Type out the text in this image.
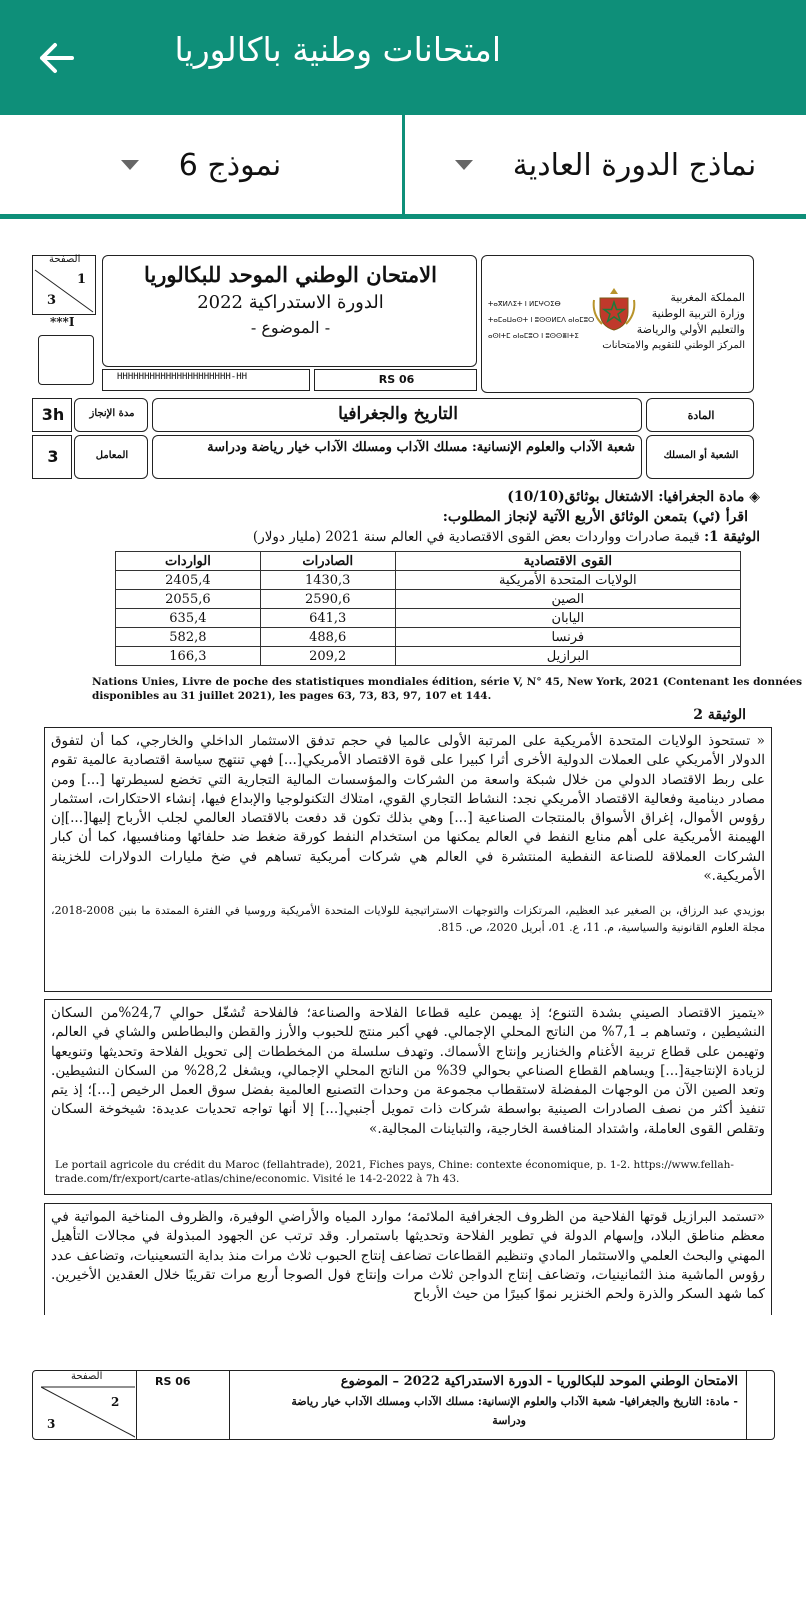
امتحانات وطنية باكالوريا
نموذج 6	نماذج الدورة العادية
الصفحة
1
3
***I
الامتحان الوطني الموحد للبكالوريا
الدورة الاستدراكية 2022
- الموضوع -
HHHHHHHHHHHHHHHHHHHHH-HH	RS 06
ⵜⴰⴳⵍⴷⵉⵜ ⵏ ⵍⵎⵖⵔⵉⴱ
ⵜⴰⵎⴰⵡⴰⵙⵜ ⵏ ⵓⵙⵙⵍⵎⴷ ⴰⵏⴰⵎⵓⵔ
ⴰⵙⵏⵜⵎ ⴰⵏⴰⵎⵓⵔ ⵏ ⵓⵙⵙⴻⵏⵜⵉ
المملكة المغربية
وزارة التربية الوطنية
والتعليم الأولي والرياضة
المركز الوطني للتقويم والامتحانات
3h	مدة الإنجاز	التاريخ والجغرافيا	المادة
3	المعامل
شعبة الآداب والعلوم الإنسانية: مسلك الآداب ومسلك الآداب خيار رياضة ودراسة
الشعبة أو المسلك
◈ مادة الجغرافيا: الاشتغال بوثائق(10/10)
اقرأ (ئي) بتمعن الوثائق الأربع الآتية لإنجاز المطلوب:
الوثيقة 1: قيمة صادرات وواردات بعض القوى الاقتصادية في العالم سنة 2021 (مليار دولار)
الواردات	الصادرات	القوى الاقتصادية
2405,4	1430,3	الولايات المتحدة الأمريكية
2055,6	2590,6	الصين
635,4	641,3	اليابان
582,8	488,6	فرنسا
166,3	209,2	البرازيل
Nations Unies, Livre de poche des statistiques mondiales édition, série V, N° 45, New York, 2021 (Contenant les données
disponibles au 31 juillet 2021), les pages 63, 73, 83, 97, 107 et 144.
الوثيقة 2
« تستحوذ الولايات المتحدة الأمريكية على المرتبة الأولى عالميا في حجم تدفق الاستثمار الداخلي والخارجي، كما أن لتفوق الدولار الأمريكي على العملات الدولية الأخرى أثرا كبيرا على قوة الاقتصاد الأمريكي[...] فهي تنتهج سياسة اقتصادية عالمية تقوم على ربط الاقتصاد الدولي من خلال شبكة واسعة من الشركات والمؤسسات المالية التجارية التي تخضع لسيطرتها [...] ومن مصادر دينامية وفعالية الاقتصاد الأمريكي نجد: النشاط التجاري القوي، امتلاك التكنولوجيا والإبداع فيها، إنشاء الاحتكارات، استثمار رؤوس الأموال، إغراق الأسواق بالمنتجات الصناعية [...] وهي بذلك تكون قد دفعت بالاقتصاد العالمي لجلب الأرباح إليها[...]إن الهيمنة الأمريكية على أهم منابع النفط في العالم يمكنها من استخدام النفط كورقة ضغط ضد حلفائها ومنافسيها، كما أن كبار الشركات العملاقة للصناعة النفطية المنتشرة في العالم هي شركات أمريكية تساهم في ضخ مليارات الدولارات للخزينة الأمريكية.»
بوزيدي عبد الرزاق، بن الصغير عبد العظيم، المرتكزات والتوجهات الاستراتيجية للولايات المتحدة الأمريكية وروسيا في الفترة الممتدة ما بنين 2008-2018، مجلة العلوم القانونية والسياسية، م. 11، ع. 01، أبريل 2020، ص. 815.
«يتميز الاقتصاد الصيني بشدة التنوع؛ إذ يهيمن عليه قطاعا الفلاحة والصناعة؛ فالفلاحة تُشغّل حوالي 24,7%من السكان النشيطين ، وتساهم بـ 7,1% من الناتج المحلي الإجمالي. فهي أكبر منتج للحبوب والأرز والقطن والبطاطس والشاي في العالم، وتهيمن على قطاع تربية الأغنام والخنازير وإنتاج الأسماك. وتهدف سلسلة من المخططات إلى تحويل الفلاحة وتحديثها وتنويعها لزيادة الإنتاجية[...] ويساهم القطاع الصناعي بحوالي 39% من الناتج المحلي الإجمالي، ويشغل 28,2% من السكان النشيطين. وتعد الصين الآن من الوجهات المفضلة لاستقطاب مجموعة من وحدات التصنيع العالمية بفضل سوق العمل الرخيص [...]؛ إذ يتم تنفيذ أكثر من نصف الصادرات الصينية بواسطة شركات ذات تمويل أجنبي[...] إلا أنها تواجه تحديات عديدة: شيخوخة السكان وتقلص القوى العاملة، واشتداد المنافسة الخارجية، والتباينات المجالية.»
Le portail agricole du crédit du Maroc (fellahtrade), 2021, Fiches pays, Chine: contexte économique, p. 1-2. https://www.fellah-
trade.com/fr/export/carte-atlas/chine/economic. Visité le 14-2-2022 à 7h 43.
«تستمد البرازيل قوتها الفلاحية من الظروف الجغرافية الملائمة؛ موارد المياه والأراضي الوفيرة، والظروف المناخية المواتية في معظم مناطق البلاد، وإسهام الدولة في تطوير الفلاحة وتحديثها باستمرار. وقد ترتب عن الجهود المبذولة في مجالات التأهيل المهني والبحث العلمي والاستثمار المادي وتنظيم القطاعات تضاعف إنتاج الحبوب ثلاث مرات منذ بداية التسعينيات، وتضاعف عدد رؤوس الماشية منذ الثمانينيات، وتضاعف إنتاج الدواجن ثلاث مرات وإنتاج فول الصوجا أربع مرات تقريبًا خلال العقدين الأخيرين. كما شهد السكر والذرة ولحم الخنزير نموًا كبيرًا من حيث الأرباح
الصفحة
2
3
RS 06	الامتحان الوطني الموحد للبكالوريا - الدورة الاستدراكية 2022 – الموضوع
- مادة: التاريخ والجغرافيا- شعبة الآداب والعلوم الإنسانية: مسلك الآداب ومسلك الآداب خيار رياضة
ودراسة
